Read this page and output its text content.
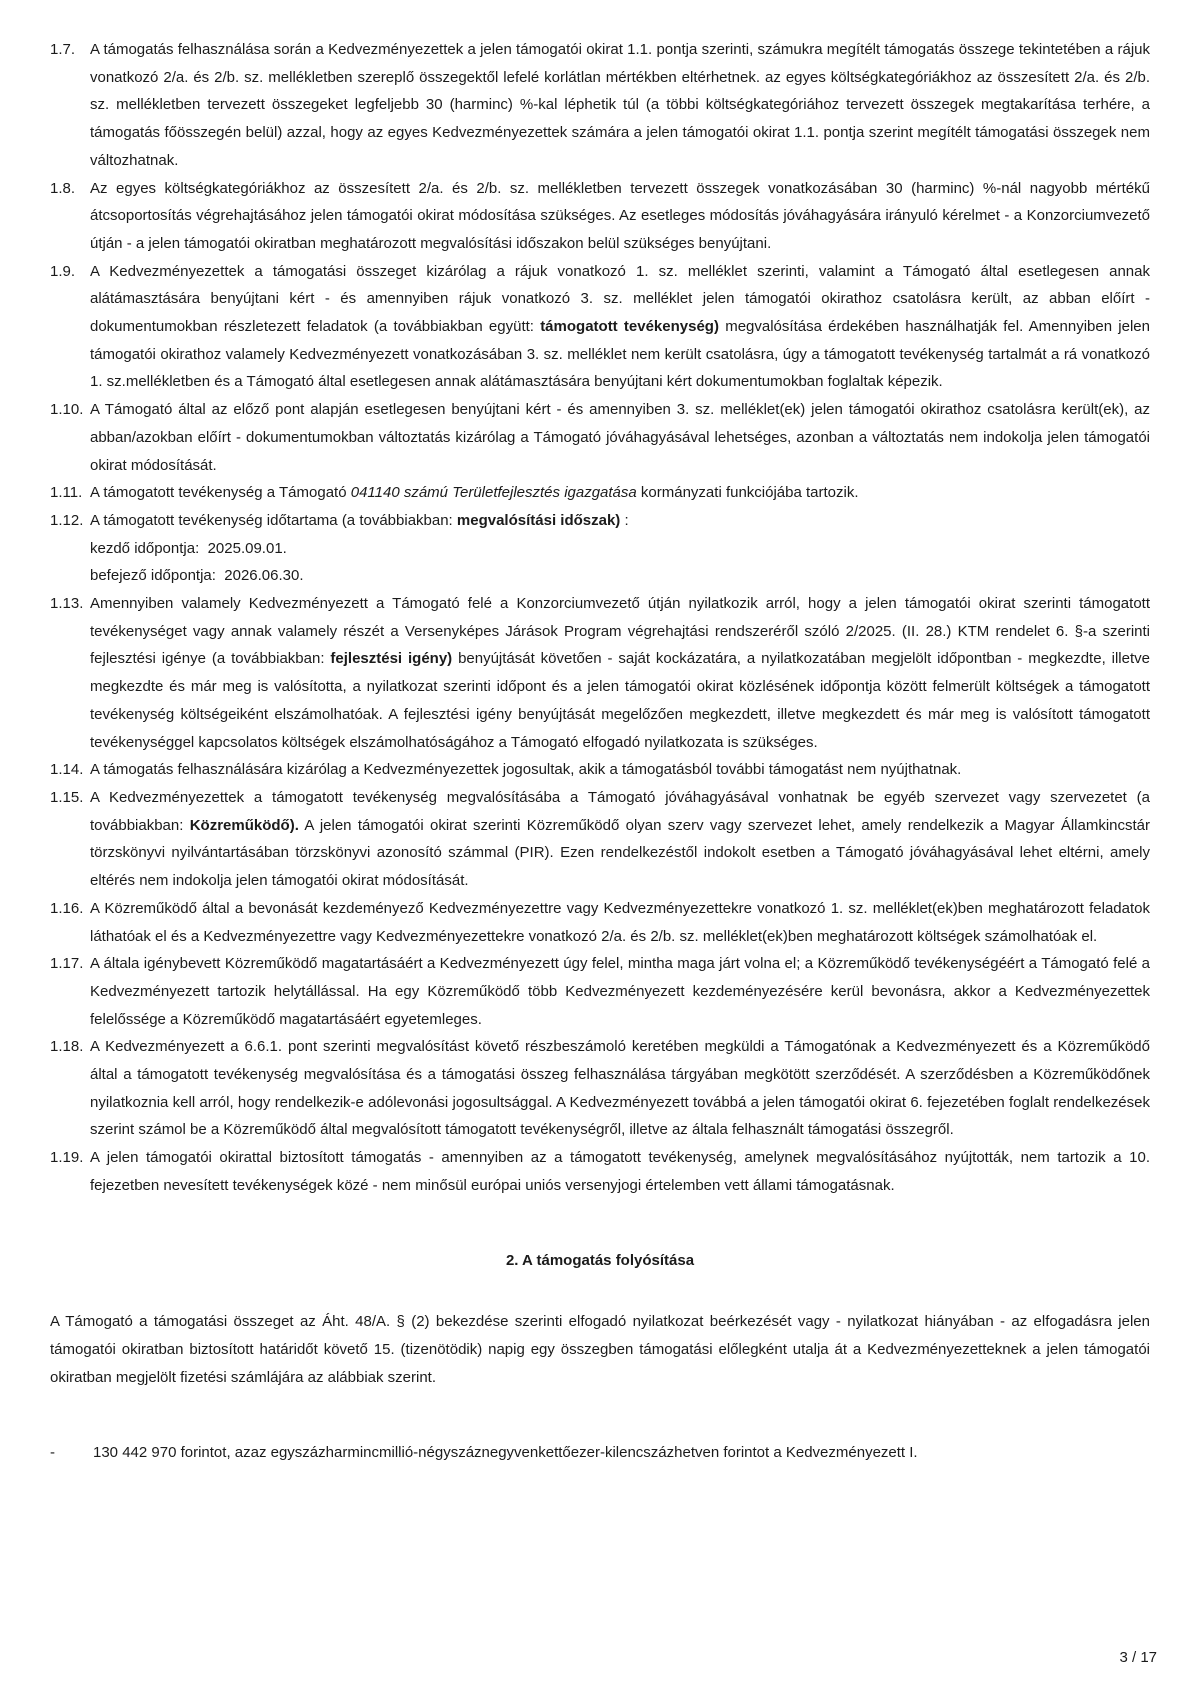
1.7. A támogatás felhasználása során a Kedvezményezettek a jelen támogatói okirat 1.1. pontja szerinti, számukra megítélt támogatás összege tekintetében a rájuk vonatkozó 2/a. és 2/b. sz. mellékletben szereplő összegektől lefelé korlátlan mértékben eltérhetnek. az egyes költségkategóriákhoz az összesített 2/a. és 2/b. sz. mellékletben tervezett összegeket legfeljebb 30 (harminc) %-kal léphetik túl (a többi költségkategóriához tervezett összegek megtakarítása terhére, a támogatás főösszegén belül) azzal, hogy az egyes Kedvezményezettek számára a jelen támogatói okirat 1.1. pontja szerint megítélt támogatási összegek nem változhatnak.
1.8. Az egyes költségkategóriákhoz az összesített 2/a. és 2/b. sz. mellékletben tervezett összegek vonatkozásában 30 (harminc) %-nál nagyobb mértékű átcsoportosítás végrehajtásához jelen támogatói okirat módosítása szükséges. Az esetleges módosítás jóváhagyására irányuló kérelmet - a Konzorciumvezető útján - a jelen támogatói okiratban meghatározott megvalósítási időszakon belül szükséges benyújtani.
1.9. A Kedvezményezettek a támogatási összeget kizárólag a rájuk vonatkozó 1. sz. melléklet szerinti, valamint a Támogató által esetlegesen annak alátámasztására benyújtani kért - és amennyiben rájuk vonatkozó 3. sz. melléklet jelen támogatói okirathoz csatolásra került, az abban előírt - dokumentumokban részletezett feladatok (a továbbiakban együtt: támogatott tevékenység) megvalósítása érdekében használhatják fel. Amennyiben jelen támogatói okirathoz valamely Kedvezményezett vonatkozásában 3. sz. melléklet nem került csatolásra, úgy a támogatott tevékenység tartalmát a rá vonatkozó 1. sz.mellékletben és a Támogató által esetlegesen annak alátámasztására benyújtani kért dokumentumokban foglaltak képezik.
1.10. A Támogató által az előző pont alapján esetlegesen benyújtani kért - és amennyiben 3. sz. melléklet(ek) jelen támogatói okirathoz csatolásra került(ek), az abban/azokban előírt - dokumentumokban változtatás kizárólag a Támogató jóváhagyásával lehetséges, azonban a változtatás nem indokolja jelen támogatói okirat módosítását.
1.11. A támogatott tevékenység a Támogató 041140 számú Területfejlesztés igazgatása kormányzati funkciójába tartozik.
1.12. A támogatott tevékenység időtartama (a továbbiakban: megvalósítási időszak) :
kezdő időpontja:  2025.09.01.
befejező időpontja:  2026.06.30.
1.13. Amennyiben valamely Kedvezményezett a Támogató felé a Konzorciumvezető útján nyilatkozik arról, hogy a jelen támogatói okirat szerinti támogatott tevékenységet vagy annak valamely részét a Versenyképes Járások Program végrehajtási rendszeréről szóló 2/2025. (II. 28.) KTM rendelet 6. §-a szerinti fejlesztési igénye (a továbbiakban: fejlesztési igény) benyújtását követően - saját kockázatára, a nyilatkozatában megjelölt időpontban - megkezdte, illetve megkezdte és már meg is valósította, a nyilatkozat szerinti időpont és a jelen támogatói okirat közlésének időpontja között felmerült költségek a támogatott tevékenység költségeiként elszámolhatóak. A fejlesztési igény benyújtását megelőzően megkezdett, illetve megkezdett és már meg is valósított támogatott tevékenységgel kapcsolatos költségek elszámolhatóságához a Támogató elfogadó nyilatkozata is szükséges.
1.14. A támogatás felhasználására kizárólag a Kedvezményezettek jogosultak, akik a támogatásból további támogatást nem nyújthatnak.
1.15. A Kedvezményezettek a támogatott tevékenység megvalósításába a Támogató jóváhagyásával vonhatnak be egyéb szervezet vagy szervezetet (a továbbiakban: Közreműködő). A jelen támogatói okirat szerinti Közreműködő olyan szerv vagy szervezet lehet, amely rendelkezik a Magyar Államkincstár törzskönyvi nyilvántartásában törzskönyvi azonosító számmal (PIR). Ezen rendelkezéstől indokolt esetben a Támogató jóváhagyásával lehet eltérni, amely eltérés nem indokolja jelen támogatói okirat módosítását.
1.16. A Közreműködő által a bevonását kezdeményező Kedvezményezettre vagy Kedvezményezettekre vonatkozó 1. sz. melléklet(ek)ben meghatározott feladatok láthatóak el és a Kedvezményezettre vagy Kedvezményezettekre vonatkozó 2/a. és 2/b. sz. melléklet(ek)ben meghatározott költségek számolhatóak el.
1.17. A általa igénybevett Közreműködő magatartásáért a Kedvezményezett úgy felel, mintha maga járt volna el; a Közreműködő tevékenységéért a Támogató felé a Kedvezményezett tartozik helytállással. Ha egy Közreműködő több Kedvezményezett kezdeményezésére kerül bevonásra, akkor a Kedvezményezettek felelőssége a Közreműködő magatartásáért egyetemleges.
1.18. A Kedvezményezett a 6.6.1. pont szerinti megvalósítást követő részbeszámoló keretében megküldi a Támogatónak a Kedvezményezett és a Közreműködő által a támogatott tevékenység megvalósítása és a támogatási összeg felhasználása tárgyában megkötött szerződését. A szerződésben a Közreműködőnek nyilatkoznia kell arról, hogy rendelkezik-e adólevonási jogosultsággal. A Kedvezményezett továbbá a jelen támogatói okirat 6. fejezetében foglalt rendelkezések szerint számol be a Közreműködő által megvalósított támogatott tevékenységről, illetve az általa felhasznált támogatási összegről.
1.19. A jelen támogatói okirattal biztosított támogatás - amennyiben az a támogatott tevékenység, amelynek megvalósításához nyújtották, nem tartozik a 10. fejezetben nevesített tevékenységek közé - nem minősül európai uniós versenyjogi értelemben vett állami támogatásnak.
2. A támogatás folyósítása

A Támogató a támogatási összeget az Áht. 48/A. § (2) bekezdése szerinti elfogadó nyilatkozat beérkezését vagy - nyilatkozat hiányában - az elfogadásra jelen támogatói okiratban biztosított határidőt követő 15. (tizenötödik) napig egy összegben támogatási előlegként utalja át a Kedvezményezetteknek a jelen támogatói okiratban megjelölt fizetési számlájára az alábbiak szerint.

-	130 442 970 forintot, azaz egyszázharmincmillió-négyszáznegyvenkettőezer-kilencszázhetven forintot a Kedvezményezett I.
3 / 17
